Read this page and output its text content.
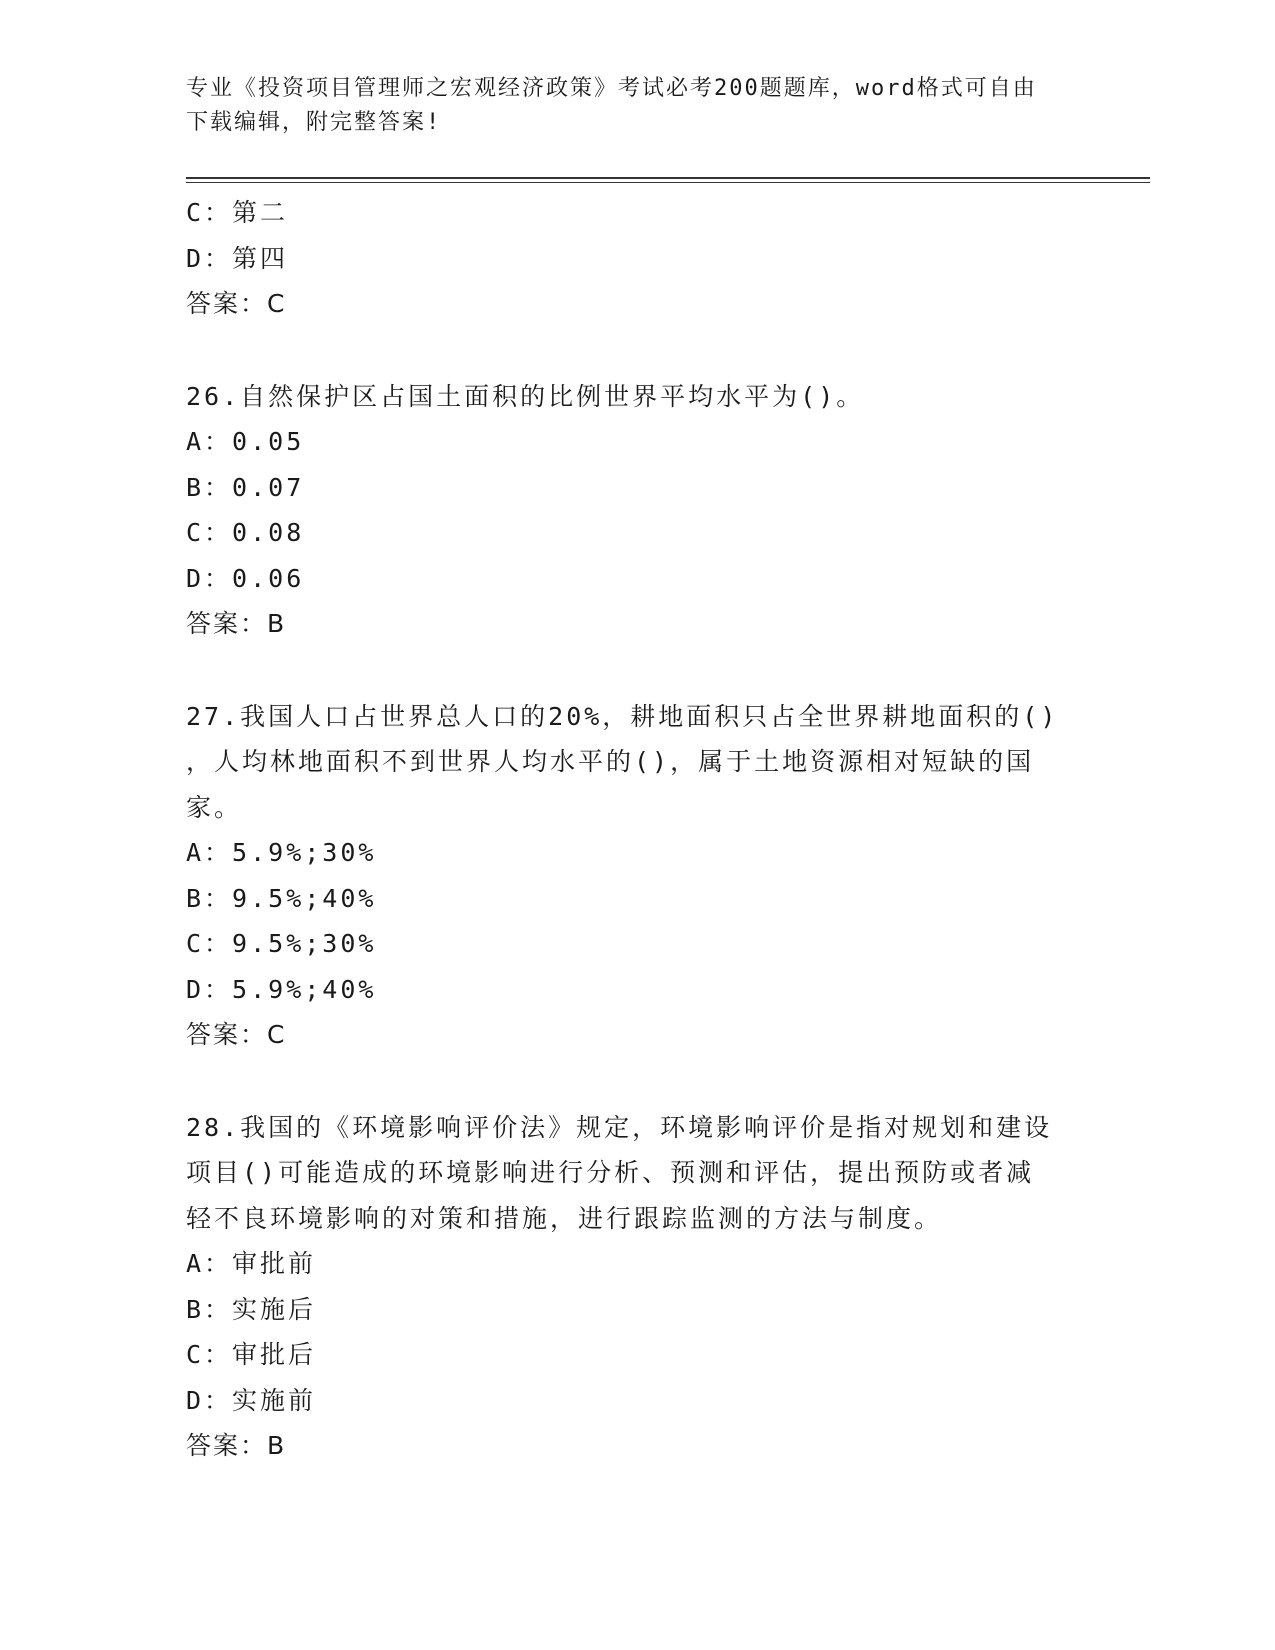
专业《投资项目管理师之宏观经济政策》考试必考200题题库，word格式可自由
下载编辑，附完整答案!
C：第二
D：第四
答案：C
26.自然保护区占国土面积的比例世界平均水平为()。
A：0.05
B：0.07
C：0.08
D：0.06
答案：B
27.我国人口占世界总人口的20%，耕地面积只占全世界耕地面积的()
，人均林地面积不到世界人均水平的()，属于土地资源相对短缺的国
家。
A：5.9%;30%
B：9.5%;40%
C：9.5%;30%
D：5.9%;40%
答案：C
28.我国的《环境影响评价法》规定，环境影响评价是指对规划和建设
项目()可能造成的环境影响进行分析、预测和评估，提出预防或者减
轻不良环境影响的对策和措施，进行跟踪监测的方法与制度。
A：审批前
B：实施后
C：审批后
D：实施前
答案：B
